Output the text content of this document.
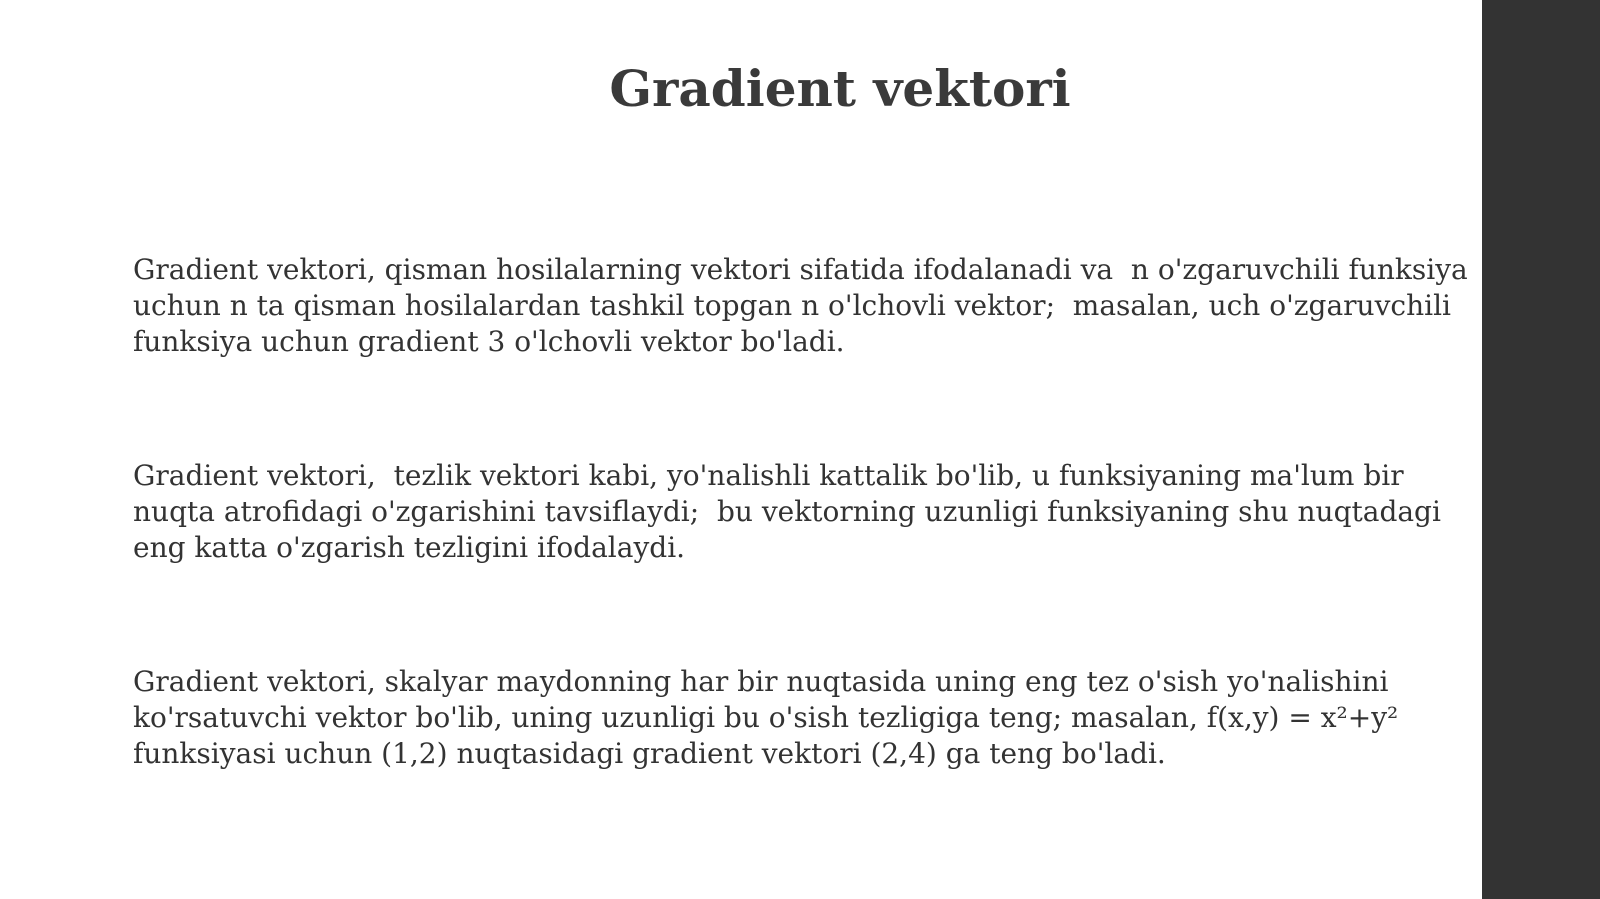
Gradient vektori

Gradient vektori, qisman hosilalarning vektori sifatida ifodalanadi va  n o'zgaruvchili funksiya
uchun n ta qisman hosilalardan tashkil topgan n o'lchovli vektor;  masalan, uch o'zgaruvchili
funksiya uchun gradient 3 o'lchovli vektor bo'ladi.

Gradient vektori,  tezlik vektori kabi, yo'nalishli kattalik bo'lib, u funksiyaning ma'lum bir
nuqta atrofidagi o'zgarishini tavsiflaydi;  bu vektorning uzunligi funksiyaning shu nuqtadagi
eng katta o'zgarish tezligini ifodalaydi.

Gradient vektori, skalyar maydonning har bir nuqtasida uning eng tez o'sish yo'nalishini
ko'rsatuvchi vektor bo'lib, uning uzunligi bu o'sish tezligiga teng; masalan, f(x,y) = x²+y²
funksiyasi uchun (1,2) nuqtasidagi gradient vektori (2,4) ga teng bo'ladi.
